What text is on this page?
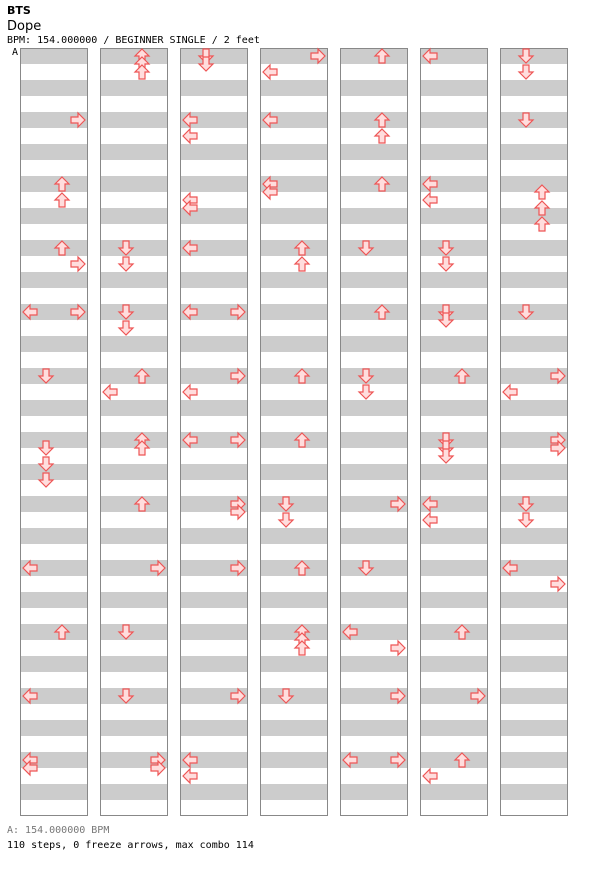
BTS
Dope
BPM: 154.000000 / BEGINNER SINGLE / 2 feet
A
A: 154.000000 BPM
110 steps, 0 freeze arrows, max combo 114
